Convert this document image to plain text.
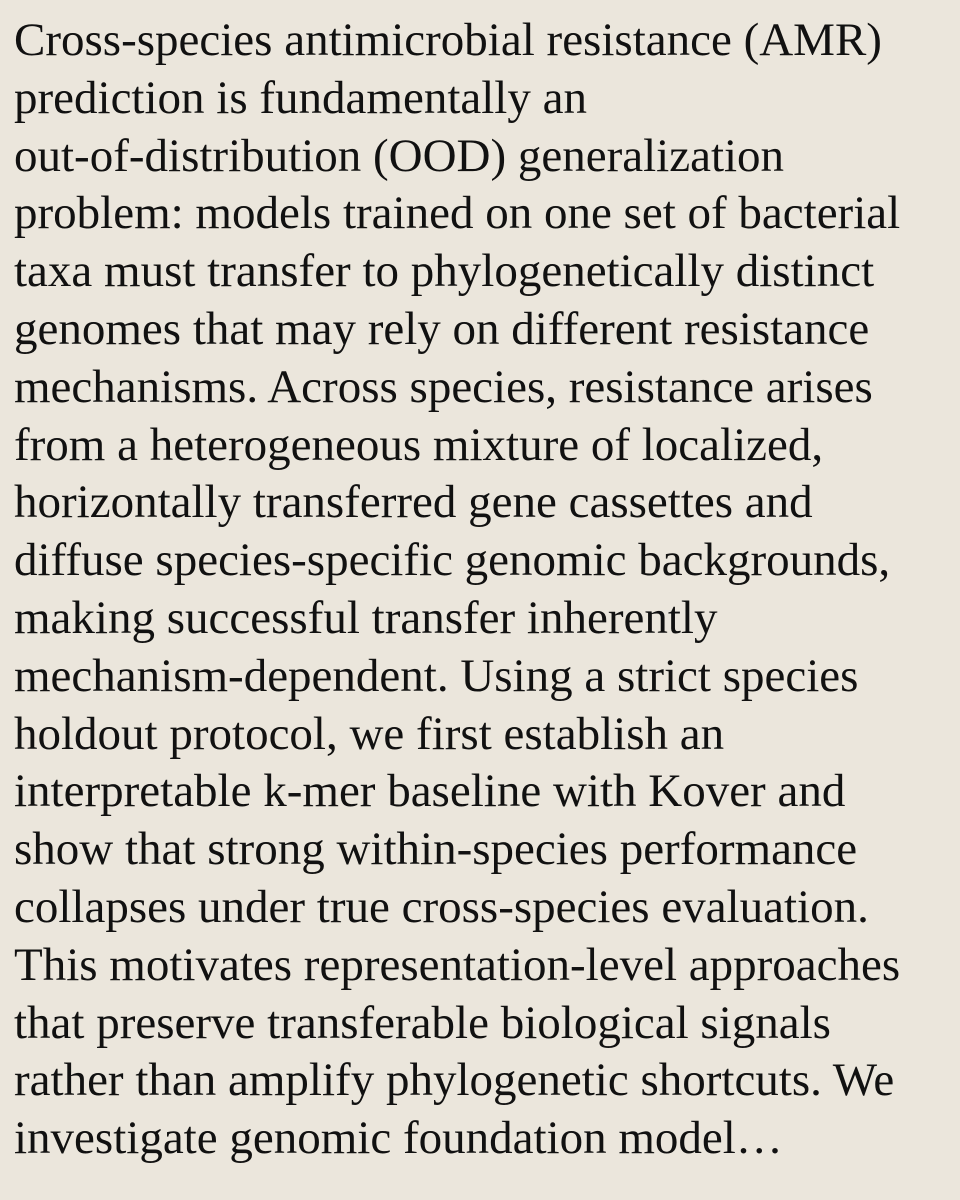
Cross-species antimicrobial resistance (AMR)
prediction is fundamentally an
out-of-distribution (OOD) generalization
problem: models trained on one set of bacterial
taxa must transfer to phylogenetically distinct
genomes that may rely on different resistance
mechanisms. Across species, resistance arises
from a heterogeneous mixture of localized,
horizontally transferred gene cassettes and
diffuse species-specific genomic backgrounds,
making successful transfer inherently
mechanism-dependent. Using a strict species
holdout protocol, we first establish an
interpretable k-mer baseline with Kover and
show that strong within-species performance
collapses under true cross-species evaluation.
This motivates representation-level approaches
that preserve transferable biological signals
rather than amplify phylogenetic shortcuts. We
investigate genomic foundation model…
